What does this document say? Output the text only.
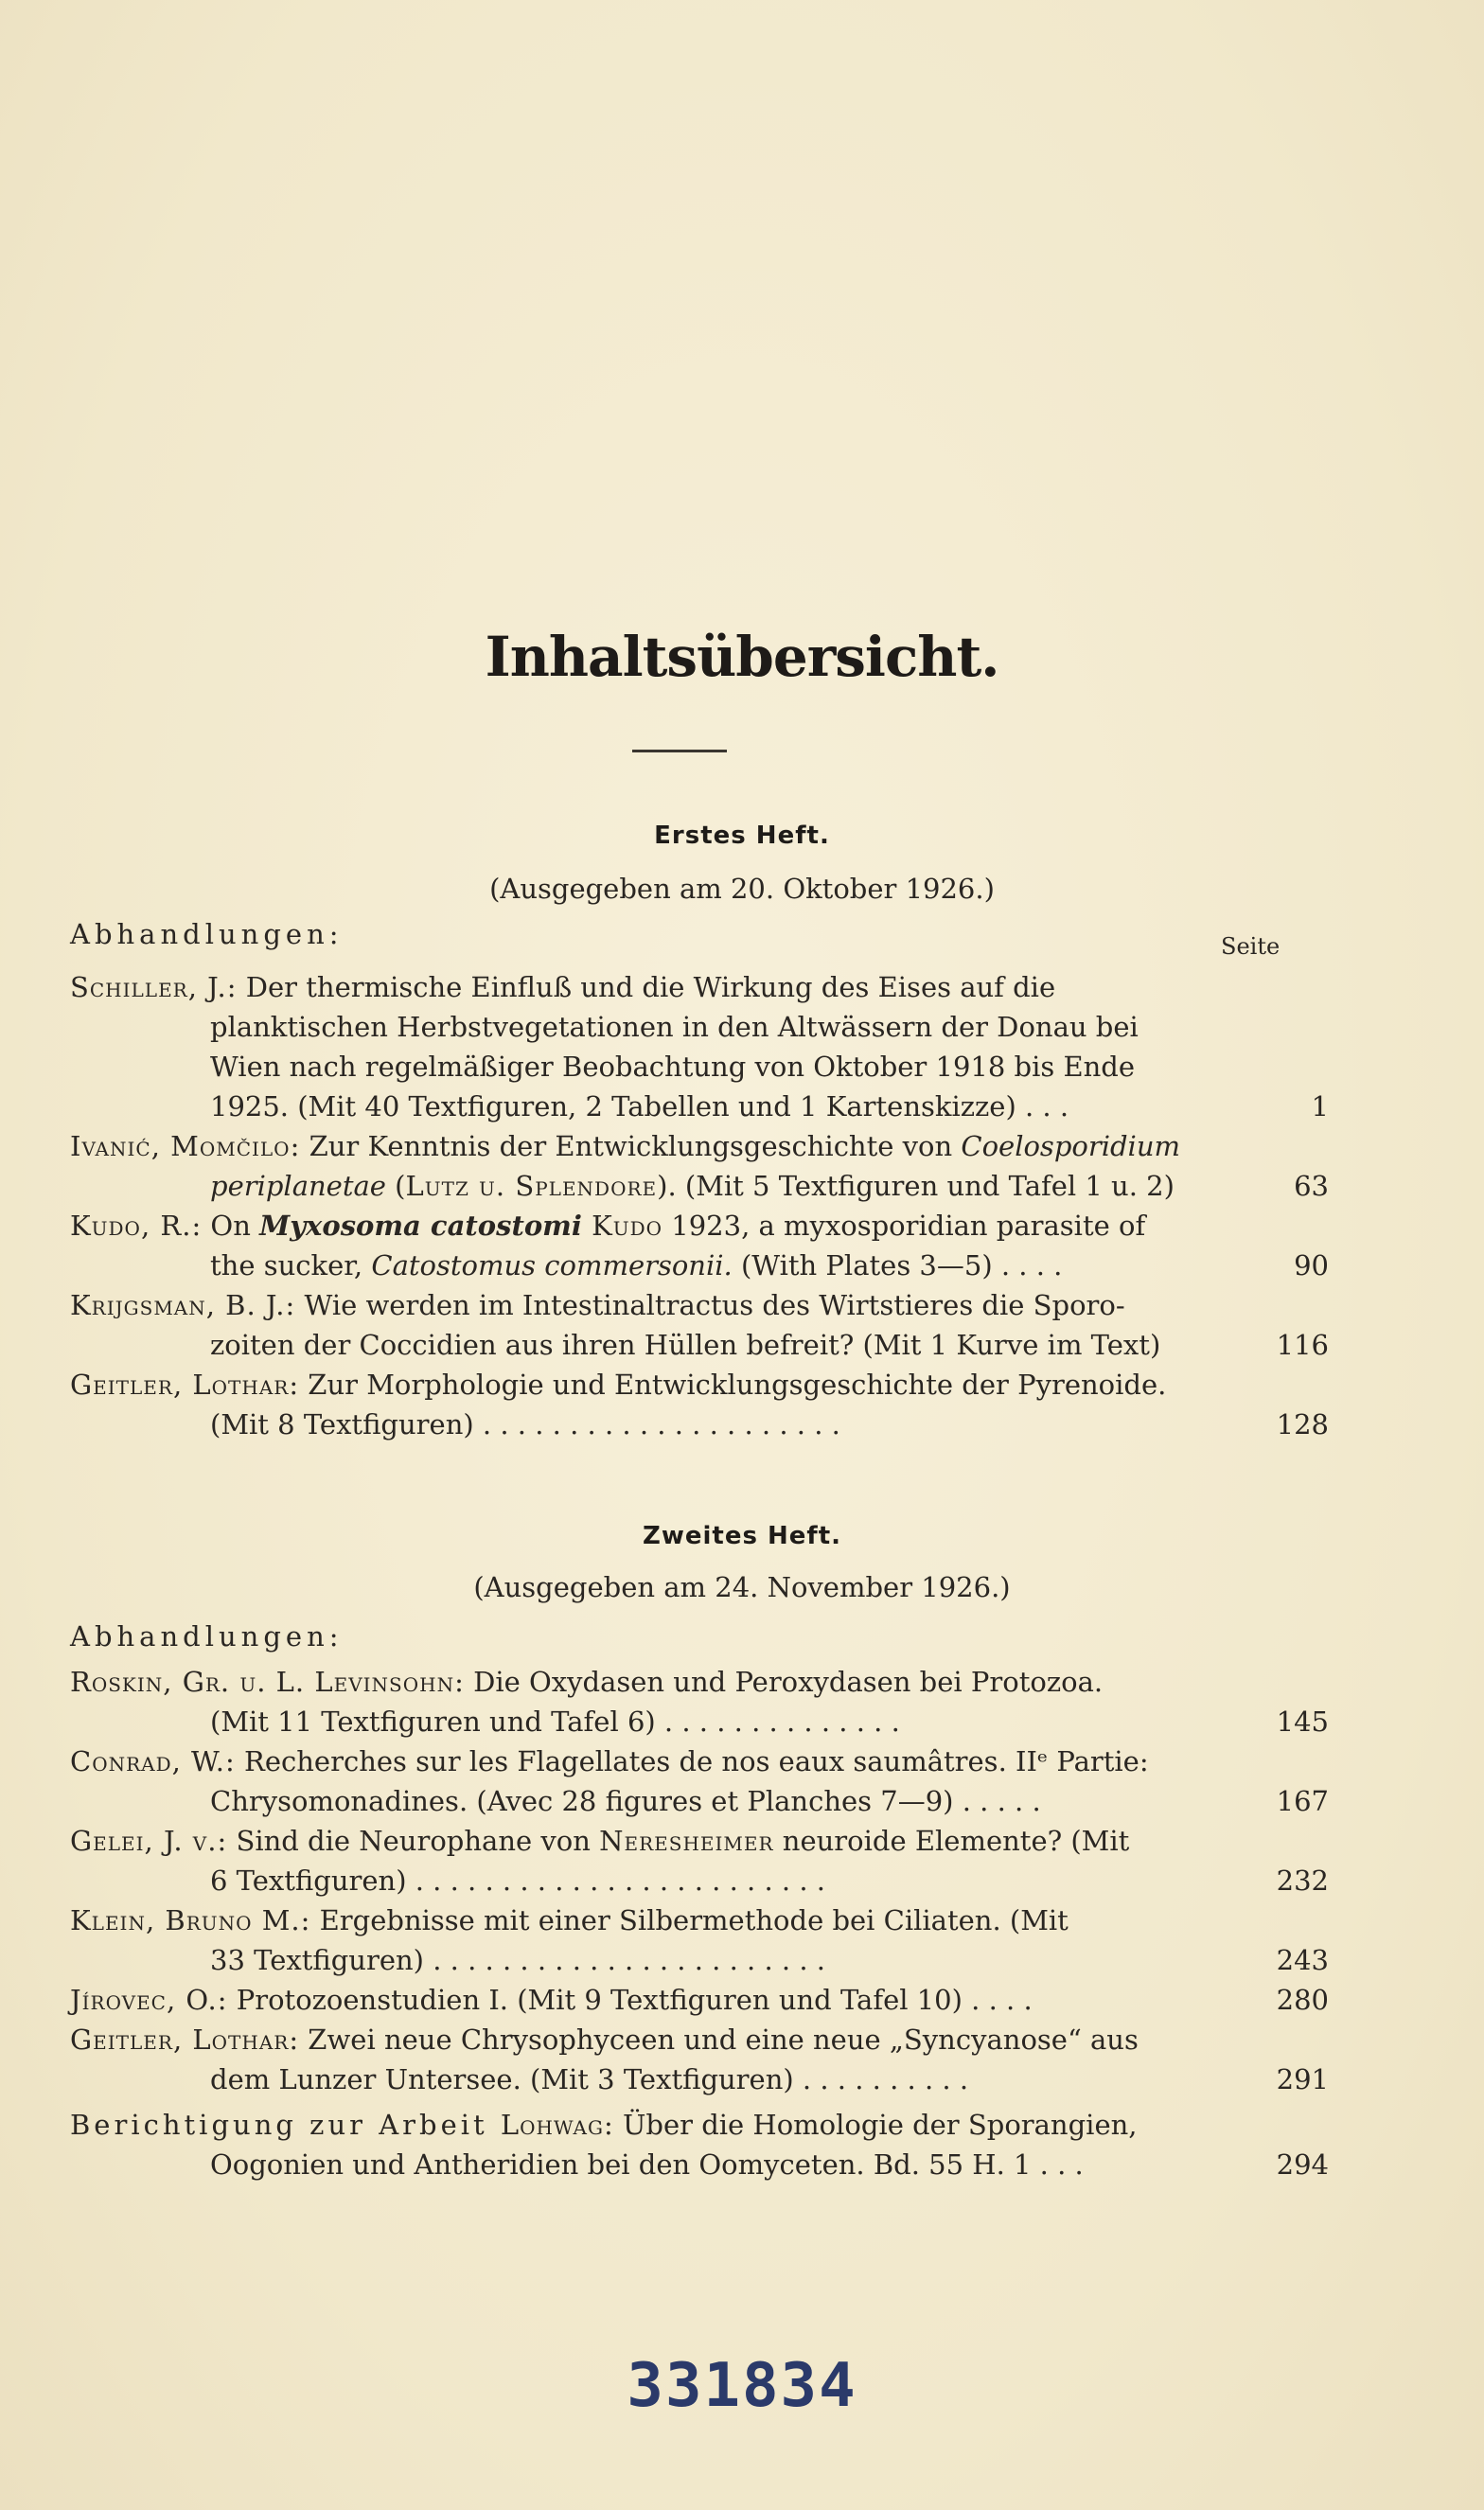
Inhaltsübersicht.
Erstes Heft.
(Ausgegeben am 20. Oktober 1926.)
Abhandlungen:	Seite
Schiller, J.: Der thermische Einfluß und die Wirkung des Eises auf die
planktischen Herbstvegetationen in den Altwässern der Donau bei
Wien nach regelmäßiger Beobachtung von Oktober 1918 bis Ende
1925. (Mit 40 Textfiguren, 2 Tabellen und 1 Kartenskizze) . . .	1
Ivanić, Momčilo: Zur Kenntnis der Entwicklungsgeschichte von Coelosporidium
periplanetae (Lutz u. Splendore). (Mit 5 Textfiguren und Tafel 1 u. 2)	63
Kudo, R.: On Myxosoma catostomi Kudo 1923, a myxosporidian parasite of
the sucker, Catostomus commersonii. (With Plates 3—5) . . . .	90
Krijgsman, B. J.: Wie werden im Intestinaltractus des Wirtstieres die Sporo-
zoiten der Coccidien aus ihren Hüllen befreit? (Mit 1 Kurve im Text)	116
Geitler, Lothar: Zur Morphologie und Entwicklungsgeschichte der Pyrenoide.
(Mit 8 Textfiguren) . . . . . . . . . . . . . . . . . . . . .	128
Zweites Heft.
(Ausgegeben am 24. November 1926.)
Abhandlungen:
Roskin, Gr. u. L. Levinsohn: Die Oxydasen und Peroxydasen bei Protozoa.
(Mit 11 Textfiguren und Tafel 6) . . . . . . . . . . . . . .	145
Conrad, W.: Recherches sur les Flagellates de nos eaux saumâtres. IIᵉ Partie:
Chrysomonadines. (Avec 28 figures et Planches 7—9) . . . . .	167
Gelei, J. v.: Sind die Neurophane von Nereshеimer neuroide Elemente? (Mit
6 Textfiguren) . . . . . . . . . . . . . . . . . . . . . . . .	232
Klein, Bruno M.: Ergebnisse mit einer Silbermethode bei Ciliaten. (Mit
33 Textfiguren) . . . . . . . . . . . . . . . . . . . . . . .	243
Jírovec, O.: Protozoenstudien I. (Mit 9 Textfiguren und Tafel 10) . . . .	280
Geitler, Lothar: Zwei neue Chrysophyceen und eine neue „Syncyanose“ aus
dem Lunzer Untersee. (Mit 3 Textfiguren) . . . . . . . . . .	291
Berichtigung zur Arbeit Lohwag: Über die Homologie der Sporangien,
Oogonien und Antheridien bei den Oomyceten. Bd. 55 H. 1 . . .	294
331834
